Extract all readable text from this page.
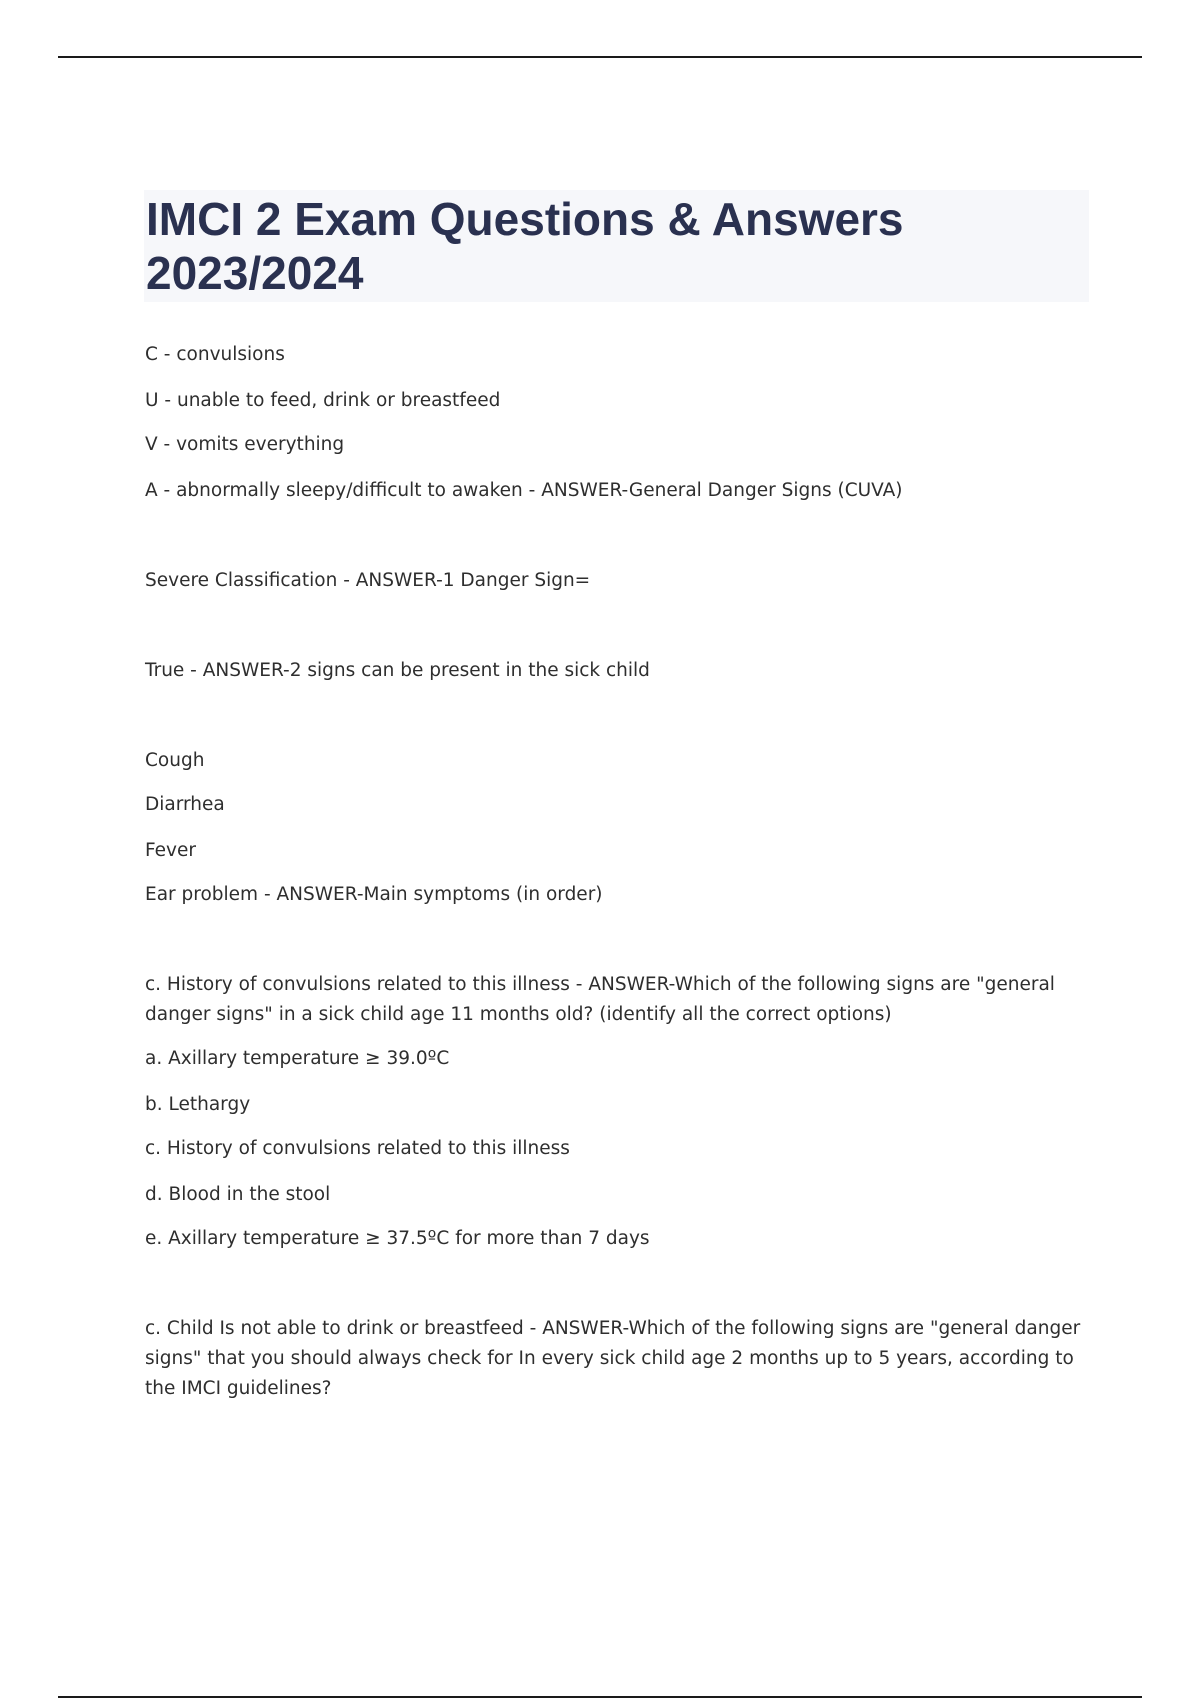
IMCI 2 Exam Questions & Answers 2023/2024

C - convulsions

U - unable to feed, drink or breastfeed

V - vomits everything

A - abnormally sleepy/difficult to awaken - ANSWER-General Danger Signs (CUVA)

Severe Classification - ANSWER-1 Danger Sign=

True - ANSWER-2 signs can be present in the sick child

Cough

Diarrhea

Fever

Ear problem - ANSWER-Main symptoms (in order)

c. History of convulsions related to this illness - ANSWER-Which of the following signs are "general danger signs" in a sick child age 11 months old? (identify all the correct options)

a. Axillary temperature ≥ 39.0ºC

b. Lethargy

c. History of convulsions related to this illness

d. Blood in the stool

e. Axillary temperature ≥ 37.5ºC for more than 7 days

c. Child Is not able to drink or breastfeed - ANSWER-Which of the following signs are "general danger signs" that you should always check for In every sick child age 2 months up to 5 years, according to the IMCI guidelines?
